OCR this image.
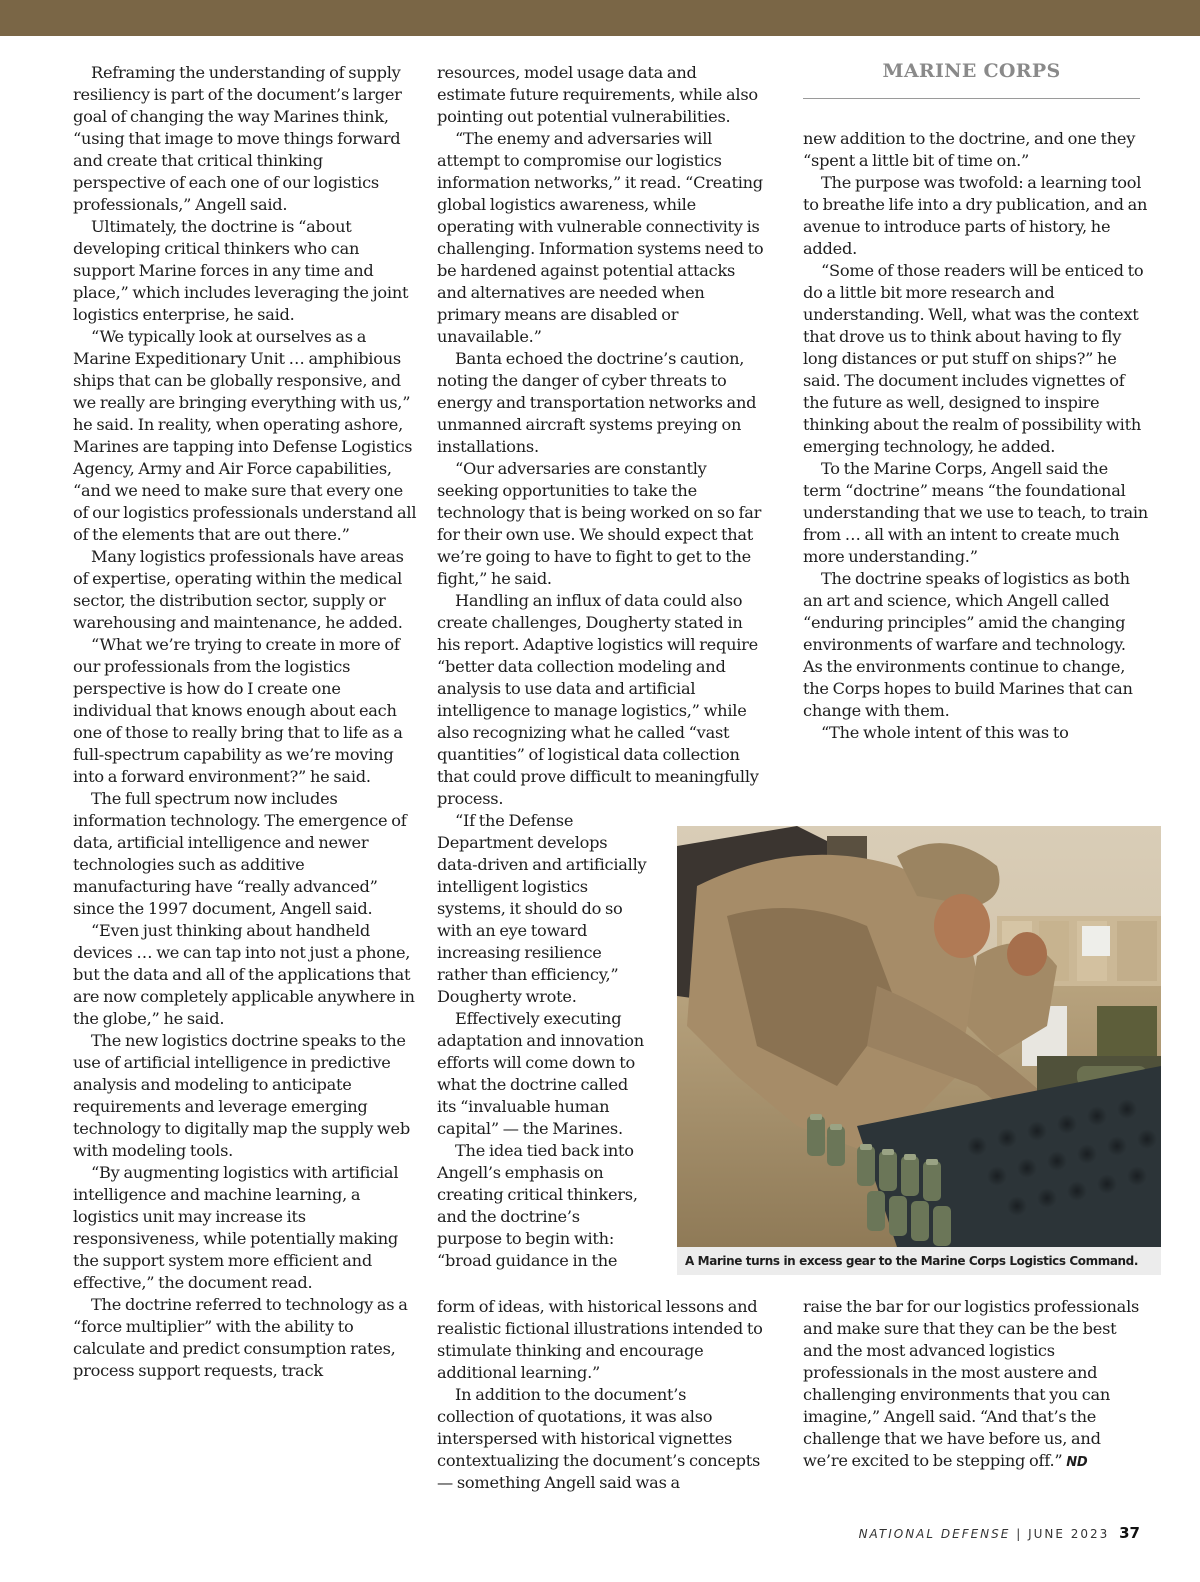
MARINE CORPS

Reframing the understanding of supply resiliency is part of the document’s larger goal of changing the way Marines think, “using that image to move things forward and create that critical thinking perspective of each one of our logistics professionals,” Angell said.

Ultimately, the doctrine is “about developing critical thinkers who can support Marine forces in any time and place,” which includes leveraging the joint logistics enterprise, he said.

“We typically look at ourselves as a Marine Expeditionary Unit … amphibious ships that can be globally responsive, and we really are bringing everything with us,” he said. In reality, when operating ashore, Marines are tapping into Defense Logistics Agency, Army and Air Force capabilities, “and we need to make sure that every one of our logistics professionals understand all of the elements that are out there.”

Many logistics professionals have areas of expertise, operating within the medical sector, the distribution sector, supply or warehousing and maintenance, he added.

“What we’re trying to create in more of our professionals from the logistics perspective is how do I create one individual that knows enough about each one of those to really bring that to life as a full-spectrum capability as we’re moving into a forward environment?” he said.

The full spectrum now includes information technology. The emergence of data, artificial intelligence and newer technologies such as additive manufacturing have “really advanced” since the 1997 document, Angell said.

“Even just thinking about handheld devices … we can tap into not just a phone, but the data and all of the applications that are now completely applicable anywhere in the globe,” he said.

The new logistics doctrine speaks to the use of artificial intelligence in predictive analysis and modeling to anticipate requirements and leverage emerging technology to digitally map the supply web with modeling tools.

“By augmenting logistics with artificial intelligence and machine learning, a logistics unit may increase its responsiveness, while potentially making the support system more efficient and effective,” the document read.

The doctrine referred to technology as a “force multiplier” with the ability to calculate and predict consumption rates, process support requests, track

resources, model usage data and estimate future requirements, while also pointing out potential vulnerabilities.

“The enemy and adversaries will attempt to compromise our logistics information networks,” it read. “Creating global logistics awareness, while operating with vulnerable connectivity is challenging. Information systems need to be hardened against potential attacks and alternatives are needed when primary means are disabled or unavailable.”

Banta echoed the doctrine’s caution, noting the danger of cyber threats to energy and transportation networks and unmanned aircraft systems preying on installations.

“Our adversaries are constantly seeking opportunities to take the technology that is being worked on so far for their own use. We should expect that we’re going to have to fight to get to the fight,” he said.

Handling an influx of data could also create challenges, Dougherty stated in his report. Adaptive logistics will require “better data collection modeling and analysis to use data and artificial intelligence to manage logistics,” while also recognizing what he called “vast quantities” of logistical data collection that could prove difficult to meaningfully process.

“If the Defense Department develops data-driven and artificially intelligent logistics systems, it should do so with an eye toward increasing resilience rather than efficiency,” Dougherty wrote.

Effectively executing adaptation and innovation efforts will come down to what the doctrine called its “invaluable human capital” — the Marines.

The idea tied back into Angell’s emphasis on creating critical thinkers, and the doctrine’s purpose to begin with: “broad guidance in the

form of ideas, with historical lessons and realistic fictional illustrations intended to stimulate thinking and encourage additional learning.”

In addition to the document’s collection of quotations, it was also interspersed with historical vignettes contextualizing the document’s concepts — something Angell said was a

new addition to the doctrine, and one they “spent a little bit of time on.”

The purpose was twofold: a learning tool to breathe life into a dry publication, and an avenue to introduce parts of history, he added.

“Some of those readers will be enticed to do a little bit more research and understanding. Well, what was the context that drove us to think about having to fly long distances or put stuff on ships?” he said. The document includes vignettes of the future as well, designed to inspire thinking about the realm of possibility with emerging technology, he added.

To the Marine Corps, Angell said the term “doctrine” means “the foundational understanding that we use to teach, to train from … all with an intent to create much more understanding.”

The doctrine speaks of logistics as both an art and science, which Angell called “enduring principles” amid the changing environments of warfare and technology. As the environments continue to change, the Corps hopes to build Marines that can change with them.

“The whole intent of this was to

raise the bar for our logistics professionals and make sure that they can be the best and the most advanced logistics professionals in the most austere and challenging environments that you can imagine,” Angell said. “And that’s the challenge that we have before us, and we’re excited to be stepping off.” ND

A Marine turns in excess gear to the Marine Corps Logistics Command.
NATIONAL DEFENSE | JUNE 2023 37
